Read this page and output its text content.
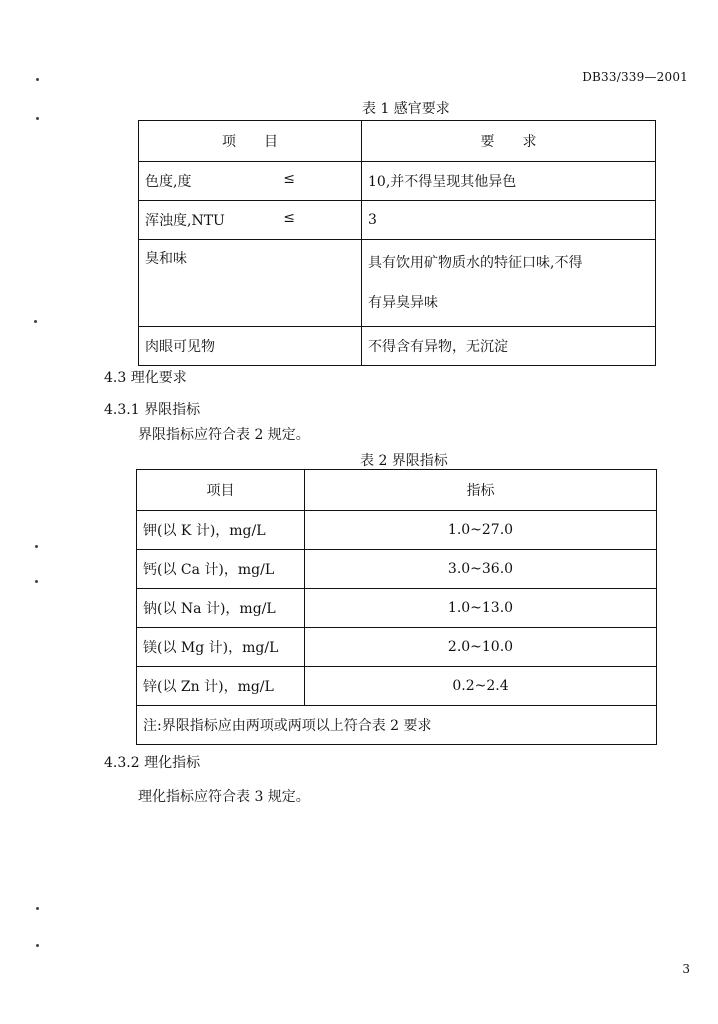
DB33/339—2001
表 1 感官要求
项　　目	要　　求

色度,度 ≤	10,并不得呈现其他异色

浑浊度,NTU ≤	3
臭和味	具有饮用矿物质水的特征口味,不得
有异臭异味

肉眼可见物	不得含有异物，无沉淀
4.3 理化要求
4.3.1 界限指标
界限指标应符合表 2 规定。
表 2 界限指标
项目	指标
钾(以 K 计)，mg/L	1.0~27.0
钙(以 Ca 计)，mg/L	3.0~36.0
钠(以 Na 计)，mg/L	1.0~13.0
镁(以 Mg 计)，mg/L	2.0~10.0
锌(以 Zn 计)，mg/L	0.2~2.4
注:界限指标应由两项或两项以上符合表 2 要求	
4.3.2 理化指标
理化指标应符合表 3 规定。
3
